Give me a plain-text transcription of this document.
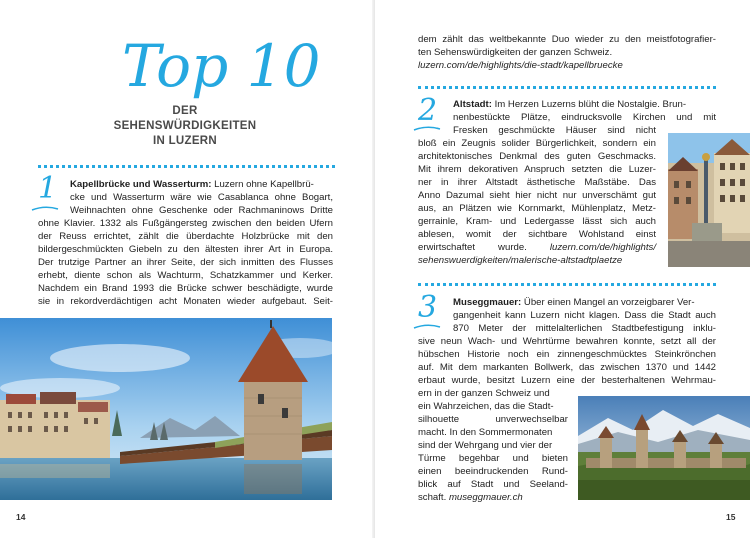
Top 10
DER SEHENSWÜRDIGKEITEN
IN LUZERN
1 Kapellbrücke und Wasserturm: Luzern ohne Kapellbrü-
cke und Wasserturm wäre wie Casablanca ohne Bogart,
Weihnachten ohne Geschenke oder Rachmaninows Dritte
ohne Klavier. 1332 als Fußgängersteg zwischen den beiden Ufern
der Reuss errichtet, zählt die überdachte Holzbrücke mit den
bildergeschmückten Giebeln zu den ältesten ihrer Art in Europa.
Der trutzige Partner an ihrer Seite, der sich inmitten des Flusses
erhebt, diente schon als Wachturm, Schatzkammer und Kerker.
Nachdem ein Brand 1993 die Brücke schwer beschädigte, wurde
sie in rekordverdächtigen acht Monaten wieder aufgebaut. Seit-
14
dem zählt das weltbekannte Duo wieder zu den meistfotografier-
ten Sehenswürdigkeiten der ganzen Schweiz.
luzern.com/de/highlights/die-stadt/kapellbruecke
2 Altstadt: Im Herzen Luzerns blüht die Nostalgie. Brun-
nenbestückte Plätze, eindrucksvolle Kirchen und mit
Fresken geschmückte Häuser sind nicht
bloß ein Zeugnis solider Bürgerlichkeit, sondern ein
architektonisches Denkmal des guten Geschmacks.
Mit ihrem dekorativen Anspruch setzten die Luzer-
ner in ihrer Altstadt ästhetische Maßstäbe. Das
Anno Dazumal sieht hier nicht nur unverschämt gut
aus, an Plätzen wie Kornmarkt, Mühlenplatz, Metz-
gerrainle, Kram- und Ledergasse lässt sich auch
ablesen, womit der sichtbare Wohlstand einst
erwirtschaftet wurde. luzern.com/de/highlights/
sehenswuerdigkeiten/malerische-altstadtplaetze
3 Museggmauer: Über einen Mangel an vorzeigbarer Ver-
gangenheit kann Luzern nicht klagen. Dass die Stadt auch
870 Meter der mittelalterlichen Stadtbefestigung inklu-
sive neun Wach- und Wehrtürme bewahren konnte, setzt all der
hübschen Historie noch ein zinnengeschmücktes Steinkrönchen
auf. Mit dem markanten Bollwerk, das zwischen 1370 und 1442
erbaut wurde, besitzt Luzern eine der besterhaltenen Wehrmau-
ern in der ganzen Schweiz und
ein Wahrzeichen, das die Stadt-
silhouette unverwechselbar
macht. In den Sommermonaten
sind der Wehrgang und vier der
Türme begehbar und bieten
einen beeindruckenden Rund-
blick auf Stadt und Seeland-
schaft. museggmauer.ch
15
